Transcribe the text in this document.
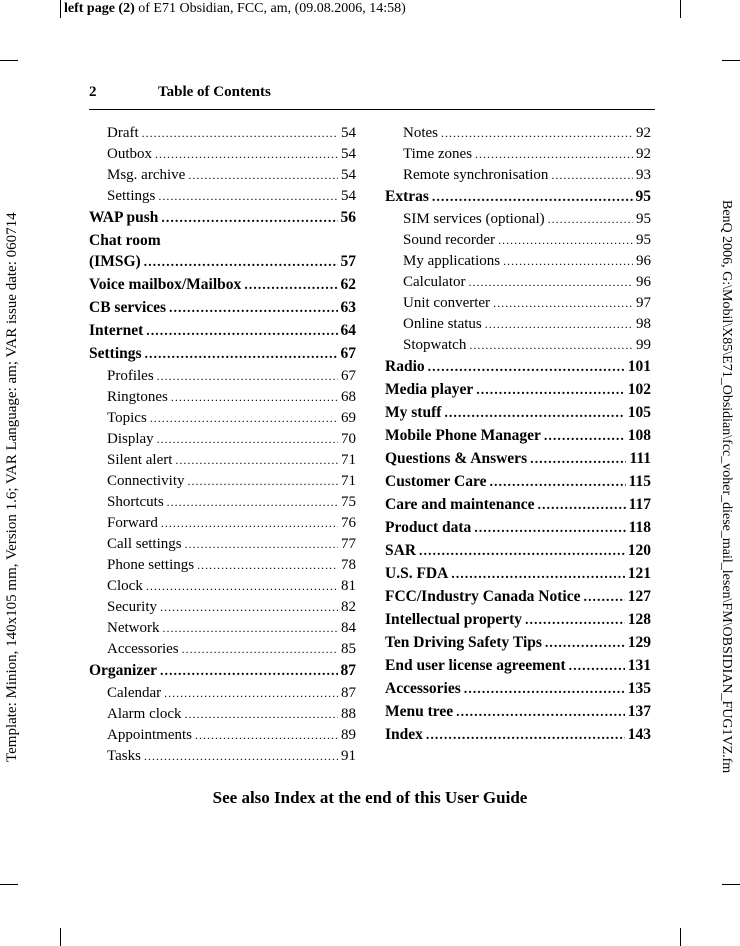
left page (2) of E71 Obsidian, FCC, am, (09.08.2006, 14:58)
Template: Minion, 140x105 mm, Version 1.6; VAR Language: am; VAR issue date: 060714	BenQ 2006, G:\Mobil\X85\E71_Obsidian\fcc_voher_diese_mail_lesen\FM\OBSIDIAN_FUG1VZ.fm
2	Table of Contents
Draft .....	54
Outbox .....	54
Msg. archive .....	54
Settings .....	54
WAP push .....	56
Chat room
(IMSG) .....	57
Voice mailbox/Mailbox .....	62
CB services .....	63
Internet .....	64
Settings .....	67
Profiles .....	67
Ringtones .....	68
Topics .....	69
Display .....	70
Silent alert .....	71
Connectivity .....	71
Shortcuts .....	75
Forward .....	76
Call settings .....	77
Phone settings .....	78
Clock .....	81
Security .....	82
Network .....	84
Accessories .....	85
Organizer .....	87
Calendar .....	87
Alarm clock .....	88
Appointments .....	89
Tasks .....	91
Notes .....	92
Time zones .....	92
Remote synchronisation .....	93
Extras .....	95
SIM services (optional) .....	95
Sound recorder .....	95
My applications .....	96
Calculator .....	96
Unit converter .....	97
Online status .....	98
Stopwatch .....	99
Radio .....	101
Media player .....	102
My stuff .....	105
Mobile Phone Manager .....	108
Questions & Answers .....	111
Customer Care .....	115
Care and maintenance .....	117
Product data .....	118
SAR .....	120
U.S. FDA .....	121
FCC/Industry Canada Notice .....	127
Intellectual property .....	128
Ten Driving Safety Tips .....	129
End user license agreement .....	131
Accessories .....	135
Menu tree .....	137
Index .....	143
See also Index at the end of this User Guide
